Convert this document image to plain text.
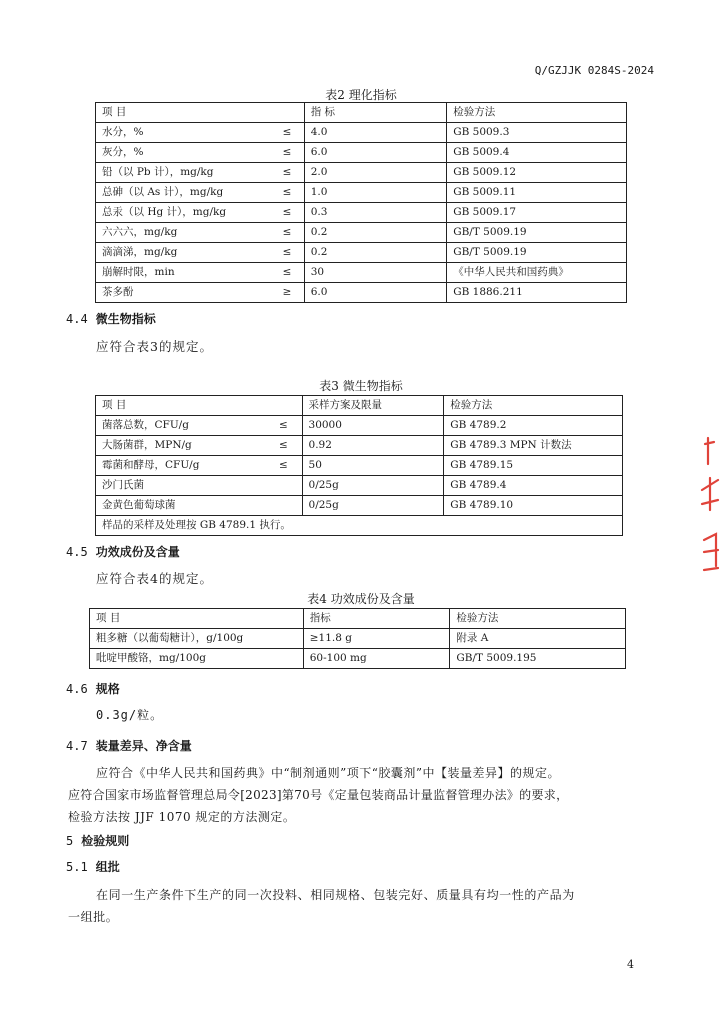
Q/GZJJK 0284S-2024
表2 理化指标
项 目		指 标	检验方法
水分，%	≤	4.0	GB 5009.3
灰分，%	≤	6.0	GB 5009.4
铅（以 Pb 计），mg/kg	≤	2.0	GB 5009.12
总砷（以 As 计），mg/kg	≤	1.0	GB 5009.11
总汞（以 Hg 计），mg/kg	≤	0.3	GB 5009.17
六六六，mg/kg	≤	0.2	GB/T 5009.19
滴滴涕，mg/kg	≤	0.2	GB/T 5009.19
崩解时限，min	≤	30	《中华人民共和国药典》
茶多酚	≥	6.0	GB 1886.211
4.4 微生物指标
应符合表3的规定。
表3 微生物指标
项 目		采样方案及限量	检验方法
菌落总数，CFU/g	≤	30000	GB 4789.2
大肠菌群，MPN/g	≤	0.92	GB 4789.3 MPN 计数法
霉菌和酵母，CFU/g	≤	50	GB 4789.15
沙门氏菌		0/25g	GB 4789.4
金黄色葡萄球菌		0/25g	GB 4789.10
样品的采样及处理按 GB 4789.1 执行。			
4.5 功效成份及含量
应符合表4的规定。
表4 功效成份及含量
项 目	指标	检验方法
粗多糖（以葡萄糖计），g/100g	≥11.8 g	附录 A
吡啶甲酸铬，mg/100g	60-100 mg	GB/T 5009.195
4.6 规格
0.3g/粒。
4.7 装量差异、净含量
应符合《中华人民共和国药典》中“制剂通则”项下“胶囊剂”中【装量差异】的规定。
应符合国家市场监督管理总局令[2023]第70号《定量包装商品计量监督管理办法》的要求，
检验方法按 JJF 1070 规定的方法测定。
5 检验规则
5.1 组批
在同一生产条件下生产的同一次投料、相同规格、包装完好、质量具有均一性的产品为
一组批。
4
